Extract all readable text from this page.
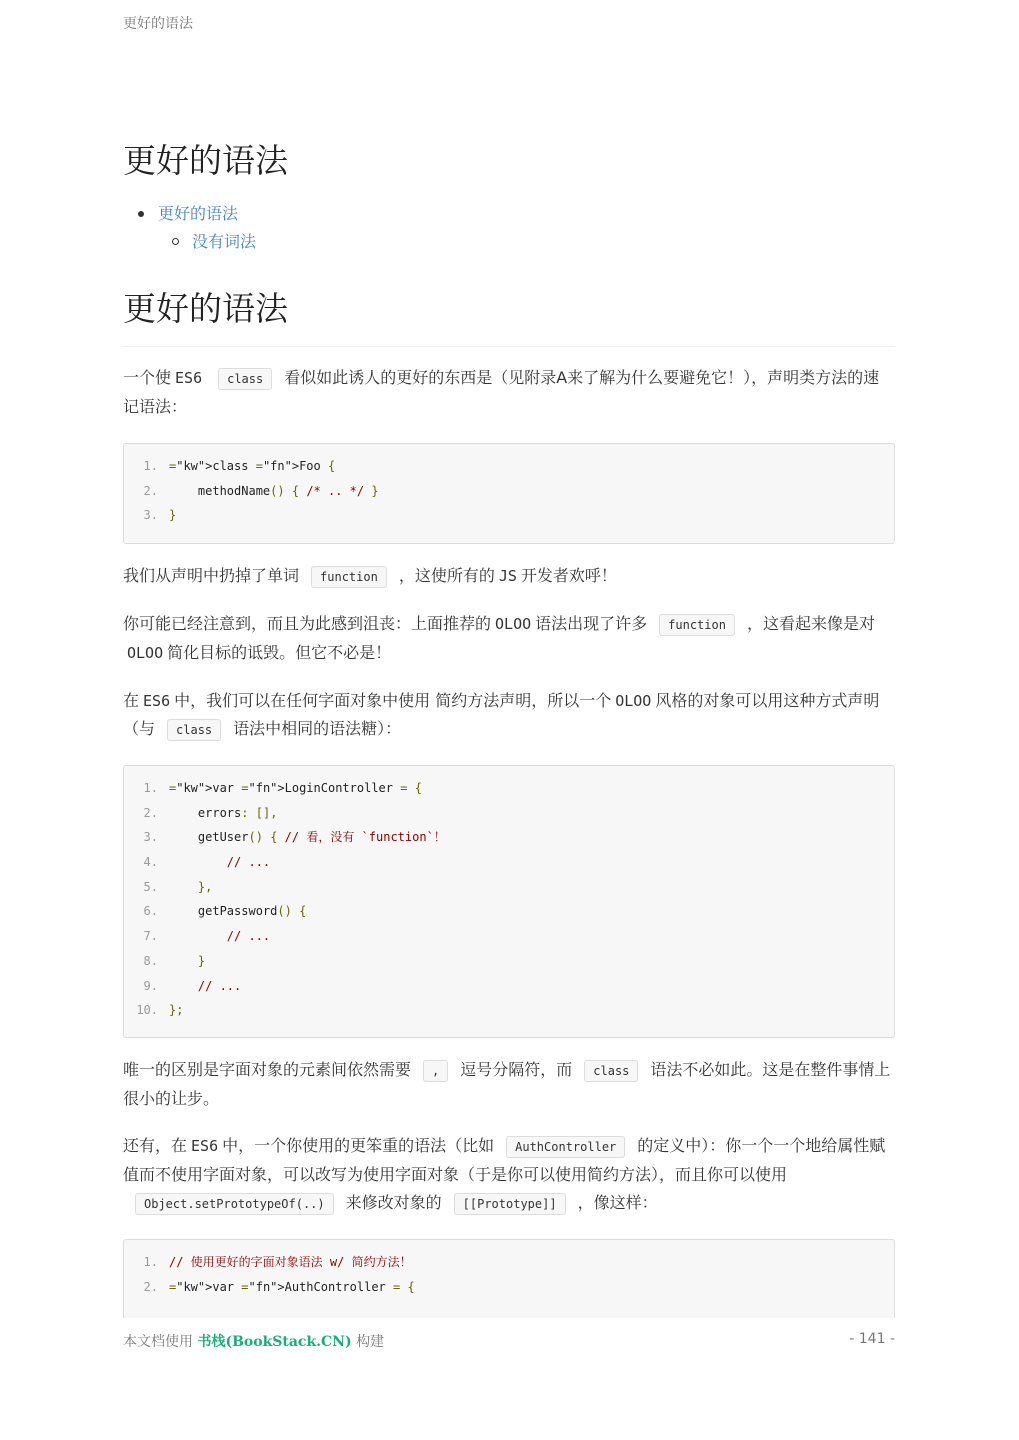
更好的语法
更好的语法
更好的语法
没有词法
更好的语法

一个使 ES6 class 看似如此诱人的更好的东西是（见附录A来了解为什么要避免它！），声明类方法的速记语法：

1. ="kw">class ="fn">Foo {
2. methodName() { /* .. */ }
3. }

我们从声明中扔掉了单词 function ，这使所有的 JS 开发者欢呼！

你可能已经注意到，而且为此感到沮丧：上面推荐的 OLOO 语法出现了许多 function ，这看起来像是对OLOO 简化目标的诋毁。但它不必是！

在 ES6 中，我们可以在任何字面对象中使用 简约方法声明，所以一个 OLOO 风格的对象可以用这种方式声明（与 class 语法中相同的语法糖）：

1. ="kw">var ="fn">LoginController = {
2. errors: [],
3. getUser() { // 看，没有 `function`！
4.	// ...
5.	},
6. getPassword() {
7.	// ...
8.	}
9.	// ...
10. };

唯一的区别是字面对象的元素间依然需要 , 逗号分隔符，而 class 语法不必如此。这是在整件事情上很小的让步。

还有，在 ES6 中，一个你使用的更笨重的语法（比如 AuthController 的定义中）：你一个一个地给属性赋值而不使用字面对象，可以改写为使用字面对象（于是你可以使用简约方法），而且你可以使用Object.setPrototypeOf(..) 来修改对象的 [[Prototype]] ，像这样：

1. // 使用更好的字面对象语法 w/ 简约方法！
2. ="kw">var ="fn">AuthController = {
本文档使用 书栈(BookStack.CN) 构建	- 141 -
